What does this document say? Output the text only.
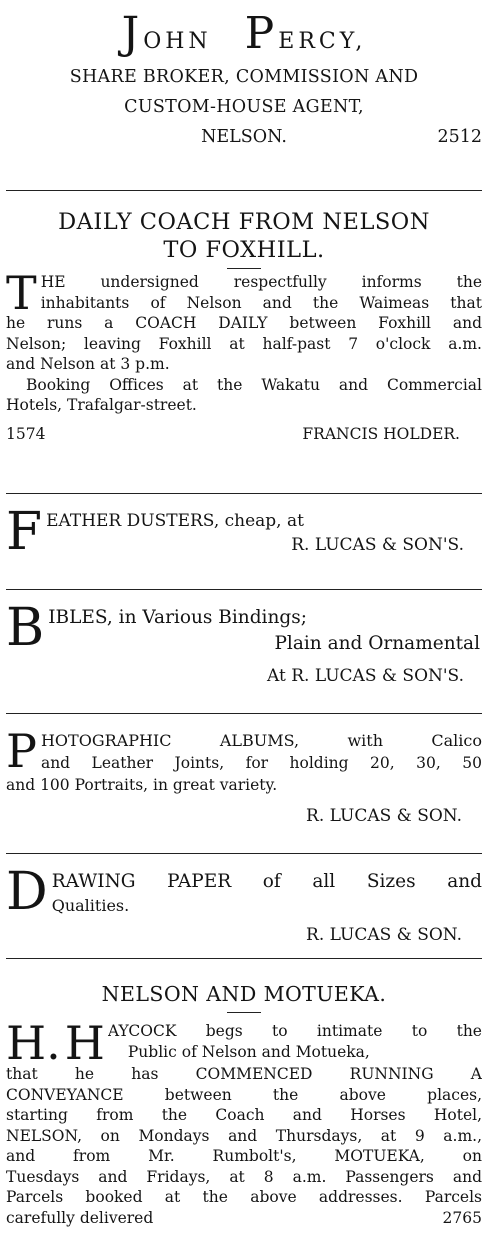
JOHN PERCY,
SHARE BROKER, COMMISSION AND
CUSTOM-HOUSE AGENT,
NELSON.	2512
DAILY COACH FROM NELSON
TO FOXHILL.
T HE undersigned respectfully informs the
inhabitants of Nelson and the Waimeas that
he runs a COACH DAILY between Foxhill and
Nelson; leaving Foxhill at half-past 7 o'clock a.m.
and Nelson at 3 p.m.
Booking Offices at the Wakatu and Commercial
Hotels, Trafalgar-street.
1574	FRANCIS HOLDER.
F EATHER DUSTERS, cheap, at
R. LUCAS & SON'S.
B IBLES, in Various Bindings;
Plain and Ornamental
At R. LUCAS & SON'S.
P HOTOGRAPHIC ALBUMS, with Calico
and Leather Joints, for holding 20, 30, 50
and 100 Portraits, in great variety.
R. LUCAS & SON.
D RAWING PAPER of all Sizes and
Qualities.
R. LUCAS & SON.
NELSON AND MOTUEKA.
H. H AYCOCK begs to intimate to the
Public of Nelson and Motueka,
that he has COMMENCED RUNNING A
CONVEYANCE between the above places,
starting from the Coach and Horses Hotel,
NELSON, on Mondays and Thursdays, at 9 a.m.,
and from Mr. Rumbolt's, MOTUEKA, on
Tuesdays and Fridays, at 8 a.m. Passengers and
Parcels booked at the above addresses. Parcels
carefully delivered	2765
